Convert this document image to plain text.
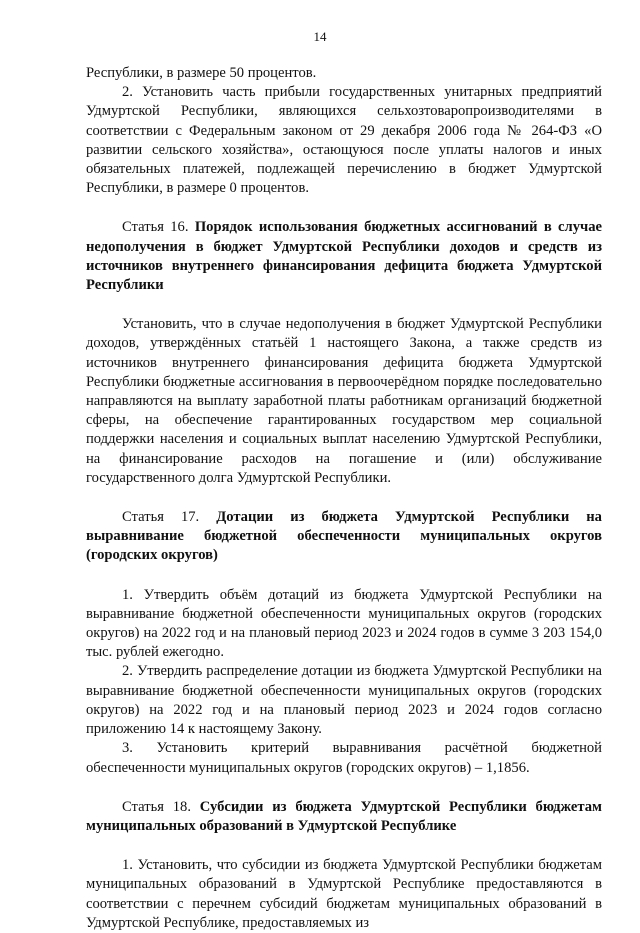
14

Республики, в размере 50 процентов.

2. Установить часть прибыли государственных унитарных предприятий Удмуртской Республики, являющихся сельхозтоваропроизводителями в соответствии с Федеральным законом от 29 декабря 2006 года № 264-ФЗ «О развитии сельского хозяйства», остающуюся после уплаты налогов и иных обязательных платежей, подлежащей перечислению в бюджет Удмуртской Республики, в размере 0 процентов.

Статья 16. Порядок использования бюджетных ассигнований в случае недополучения в бюджет Удмуртской Республики доходов и средств из источников внутреннего финансирования дефицита бюджета Удмуртской Республики

Установить, что в случае недополучения в бюджет Удмуртской Республики доходов, утверждённых статьёй 1 настоящего Закона, а также средств из источников внутреннего финансирования дефицита бюджета Удмуртской Республики бюджетные ассигнования в первоочерёдном порядке последовательно направляются на выплату заработной платы работникам организаций бюджетной сферы, на обеспечение гарантированных государством мер социальной поддержки населения и социальных выплат населению Удмуртской Республики, на финансирование расходов на погашение и (или) обслуживание государственного долга Удмуртской Республики.

Статья 17. Дотации из бюджета Удмуртской Республики на выравнивание бюджетной обеспеченности муниципальных округов (городских округов)

1. Утвердить объём дотаций из бюджета Удмуртской Республики на выравнивание бюджетной обеспеченности муниципальных округов (городских округов) на 2022 год и на плановый период 2023 и 2024 годов в сумме 3 203 154,0 тыс. рублей ежегодно.

2. Утвердить распределение дотации из бюджета Удмуртской Республики на выравнивание бюджетной обеспеченности муниципальных округов (городских округов) на 2022 год и на плановый период 2023 и 2024 годов согласно приложению 14 к настоящему Закону.

3. Установить критерий выравнивания расчётной бюджетной обеспеченности муниципальных округов (городских округов) – 1,1856.

Статья 18. Субсидии из бюджета Удмуртской Республики бюджетам муниципальных образований в Удмуртской Республике

1. Установить, что субсидии из бюджета Удмуртской Республики бюджетам муниципальных образований в Удмуртской Республике предоставляются в соответствии с перечнем субсидий бюджетам муниципальных образований в Удмуртской Республике, предоставляемых из
